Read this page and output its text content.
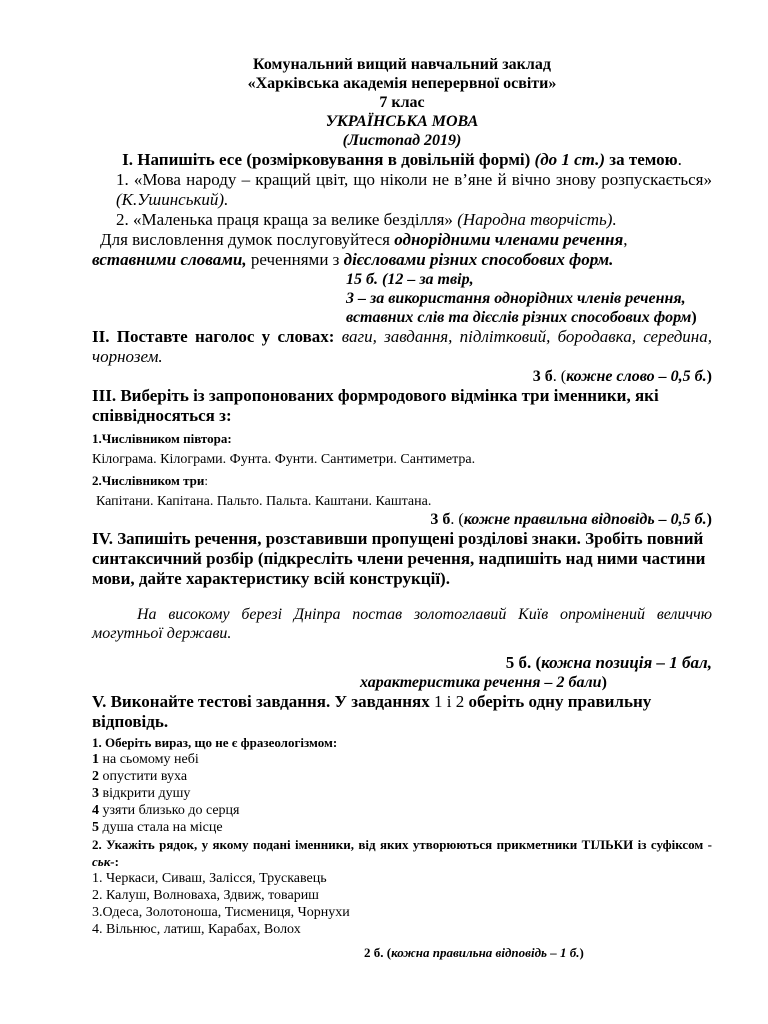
Комунальний вищий навчальний заклад
«Харківська академія неперервної освіти»
7 клас
УКРАЇНСЬКА МОВА
(Листопад 2019)
І. Напишіть есе (розмірковування в довільній формі) (до 1 ст.) за темою.
1. «Мова народу – кращий цвіт, що ніколи не в’яне й вічно знову розпускається» (К.Ушинський).
2. «Маленька праця краща за велике безділля» (Народна творчість).
Для висловлення думок послуговуйтеся однорідними членами речення, вставними словами, реченнями з дієсловами різних способових форм.
15 б. (12 – за твір,
3 – за використання однорідних членів речення, вставних слів та дієслів різних способових форм)
ІІ. Поставте наголос у словах: ваги, завдання, підлітковий, бородавка, середина, чорнозем.
3 б. (кожне слово – 0,5 б.)
ІІІ. Виберіть із запропонованих формродового відмінка три іменники, які співвідносяться з:
1.Числівником півтора:
Кілограма. Кілограми. Фунта. Фунти. Сантиметри. Сантиметра.
2.Числівником три:
Капітани. Капітана. Пальто. Пальта. Каштани. Каштана.
3 б. (кожне правильна відповідь – 0,5 б.)
ІV. Запишіть речення, розставивши пропущені розділові знаки. Зробіть повний синтаксичний розбір (підкресліть члени речення, надпишіть над ними частини мови, дайте характеристику всій конструкції).
На високому березі Дніпра постав золотоглавий Київ опромінений величчю могутньої держави.
5 б. (кожна позиція – 1 бал,
характеристика речення – 2 бали)
V. Виконайте тестові завдання. У завданнях 1 і 2 оберіть одну правильну відповідь.
1. Оберіть вираз, що не є фразеологізмом:
1 на сьомому небі
2 опустити вуха
3 відкрити душу
4 узяти близько до серця
5 душа стала на місце
2. Укажіть рядок, у якому подані іменники, від яких утворюються прикметники ТІЛЬКИ із суфіксом - ськ-:
1. Черкаси, Сиваш, Залісся, Трускавець
2. Калуш, Волноваха, Здвиж, товариш
3.Одеса, Золотоноша, Тисмениця, Чорнухи
4. Вільнюс, латиш, Карабах, Волох
2 б. (кожна правильна відповідь – 1 б.)
